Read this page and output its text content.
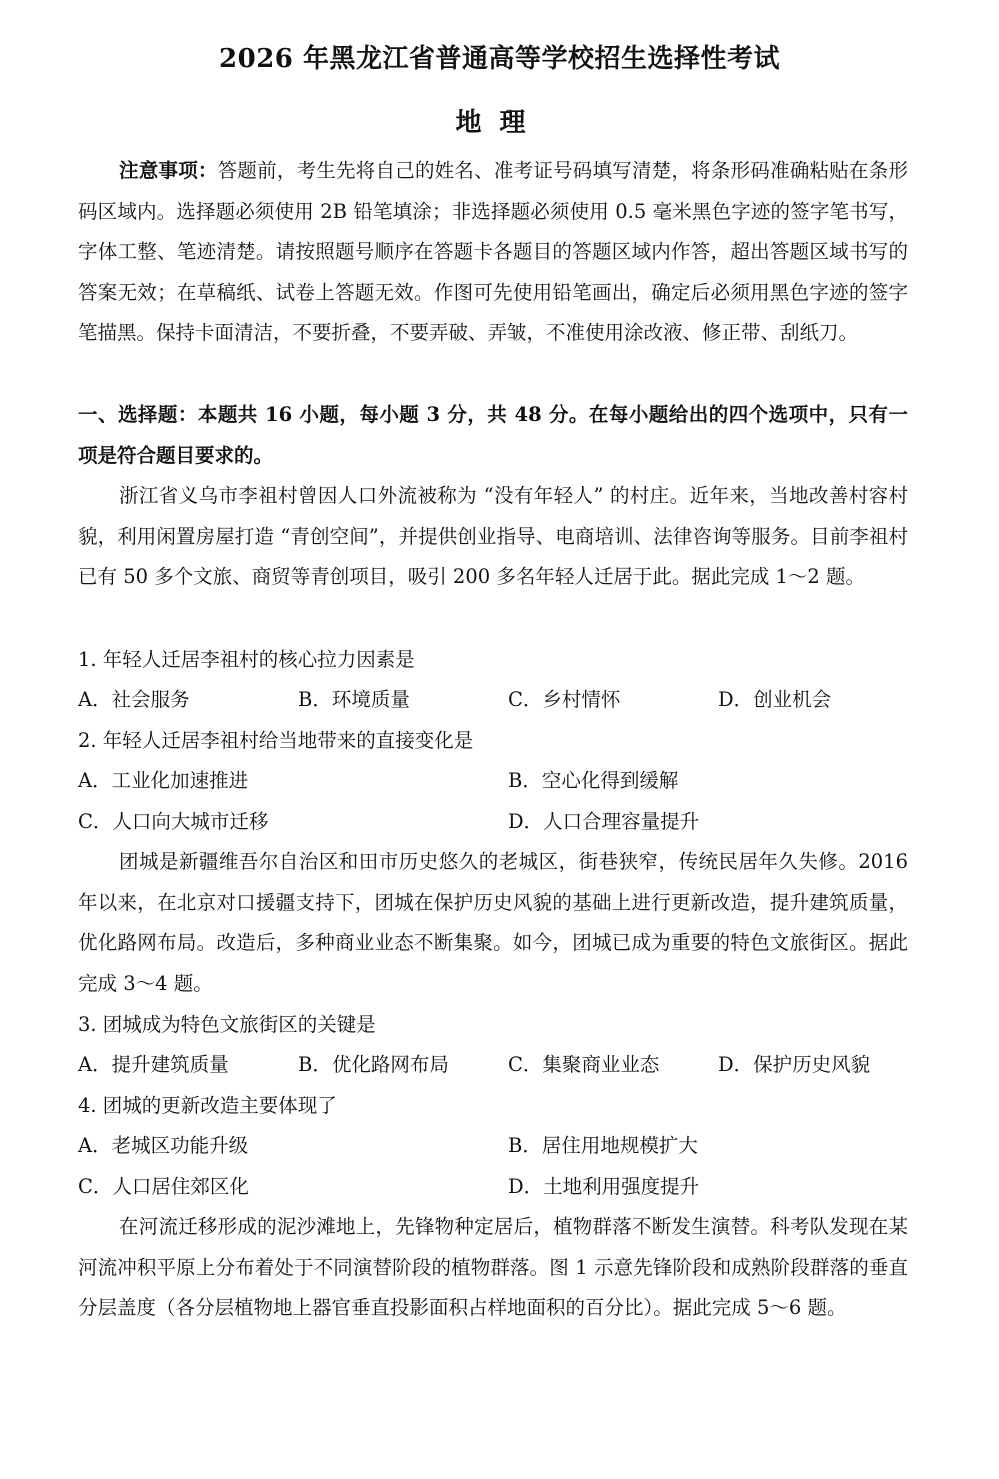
2026 年黑龙江省普通高等学校招生选择性考试
地理

注意事项：答题前，考生先将自己的姓名、准考证号码填写清楚，将条形码准确粘贴在条形码区域内。选择题必须使用 2B 铅笔填涂；非选择题必须使用 0.5 毫米黑色字迹的签字笔书写，字体工整、笔迹清楚。请按照题号顺序在答题卡各题目的答题区域内作答，超出答题区域书写的答案无效；在草稿纸、试卷上答题无效。作图可先使用铅笔画出，确定后必须用黑色字迹的签字笔描黑。保持卡面清洁，不要折叠，不要弄破、弄皱，不准使用涂改液、修正带、刮纸刀。

一、选择题：本题共 16 小题，每小题 3 分，共 48 分。在每小题给出的四个选项中，只有一项是符合题目要求的。

浙江省义乌市李祖村曾因人口外流被称为 “没有年轻人” 的村庄。近年来，当地改善村容村貌，利用闲置房屋打造 “青创空间”，并提供创业指导、电商培训、法律咨询等服务。目前李祖村已有 50 多个文旅、商贸等青创项目，吸引 200 多名年轻人迁居于此。据此完成 1～2 题。

1. 年轻人迁居李祖村的核心拉力因素是
A．社会服务	B．环境质量	C．乡村情怀	D．创业机会
2. 年轻人迁居李祖村给当地带来的直接变化是
A．工业化加速推进	B．空心化得到缓解
C．人口向大城市迁移	D．人口合理容量提升

团城是新疆维吾尔自治区和田市历史悠久的老城区，街巷狭窄，传统民居年久失修。2016 年以来，在北京对口援疆支持下，团城在保护历史风貌的基础上进行更新改造，提升建筑质量，优化路网布局。改造后，多种商业业态不断集聚。如今，团城已成为重要的特色文旅街区。据此完成 3～4 题。

3. 团城成为特色文旅街区的关键是
A．提升建筑质量	B．优化路网布局	C．集聚商业业态	D．保护历史风貌
4. 团城的更新改造主要体现了
A．老城区功能升级	B．居住用地规模扩大
C．人口居住郊区化	D．土地利用强度提升

在河流迁移形成的泥沙滩地上，先锋物种定居后，植物群落不断发生演替。科考队发现在某河流冲积平原上分布着处于不同演替阶段的植物群落。图 1 示意先锋阶段和成熟阶段群落的垂直分层盖度（各分层植物地上器官垂直投影面积占样地面积的百分比）。据此完成 5～6 题。
